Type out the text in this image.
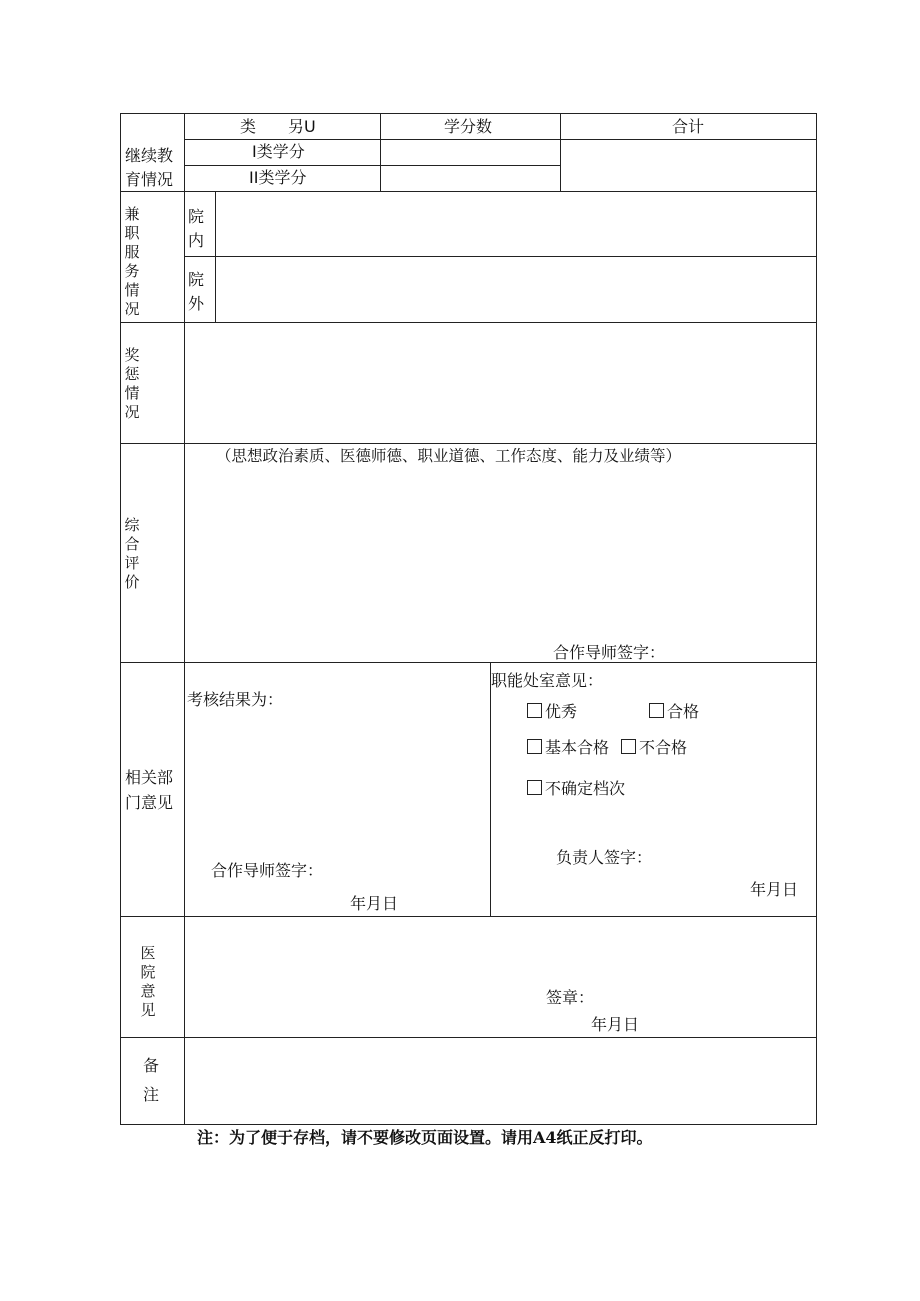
继续教
育情况
类　　另U	学分数	合计
I类学分
II类学分
兼职服务情况
院内
院外
奖惩情况
综合评价
（思想政治素质、医德师德、职业道德、工作态度、能力及业绩等）
合作导师签字：
相关部
门意见
考核结果为：
合作导师签字：
年月日
职能处室意见：
优秀	合格
基本合格	不合格
不确定档次
负责人签字：
年月日
医院意见
签章：
年月日
备
注
注：为了便于存档，请不要修改页面设置。请用A4纸正反打印。
